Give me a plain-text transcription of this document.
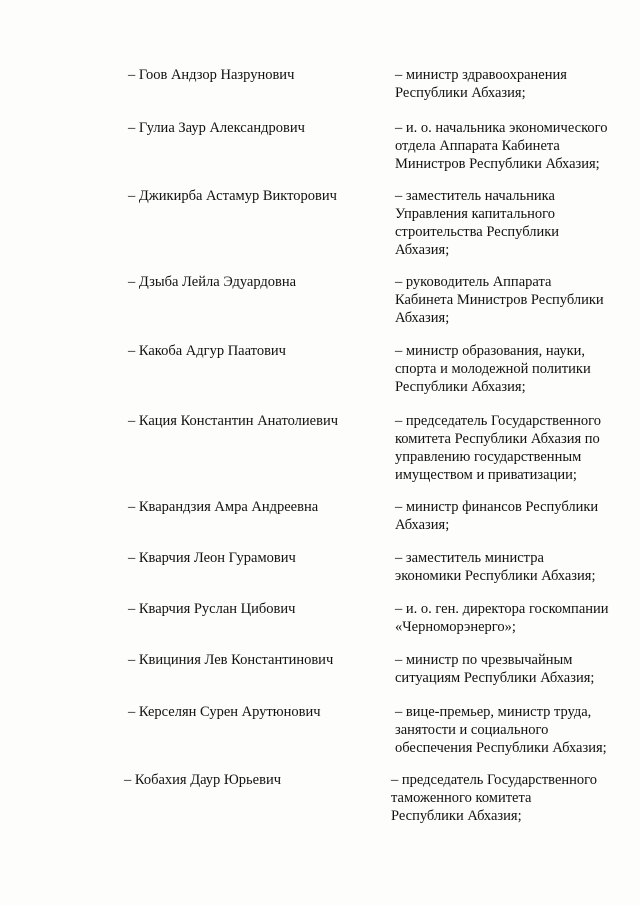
– Гоов Андзор Назрунович	– министр здравоохранения
Республики Абхазия;
– Гулиа Заур Александрович	– и. о. начальника экономического
отдела Аппарата Кабинета
Министров Республики Абхазия;
– Джикирба Астамур Викторович	– заместитель начальника
Управления капитального
строительства Республики
Абхазия;
– Дзыба Лейла Эдуардовна	– руководитель Аппарата
Кабинета Министров Республики
Абхазия;
– Какоба Адгур Паатович	– министр образования, науки,
спорта и молодежной политики
Республики Абхазия;
– Кация Константин Анатолиевич	– председатель Государственного
комитета Республики Абхазия по
управлению государственным
имуществом и приватизации;
– Кварандзия Амра Андреевна	– министр финансов Республики
Абхазия;
– Кварчия Леон Гурамович	– заместитель министра
экономики Республики Абхазия;
– Кварчия Руслан Цибович	– и. о. ген. директора госкомпании
«Черноморэнерго»;
– Квициния Лев Константинович	– министр по чрезвычайным
ситуациям Республики Абхазия;
– Керселян Сурен Арутюнович	– вице-премьер, министр труда,
занятости и социального
обеспечения Республики Абхазия;
– Кобахия Даур Юрьевич	– председатель Государственного
таможенного комитета
Республики Абхазия;
